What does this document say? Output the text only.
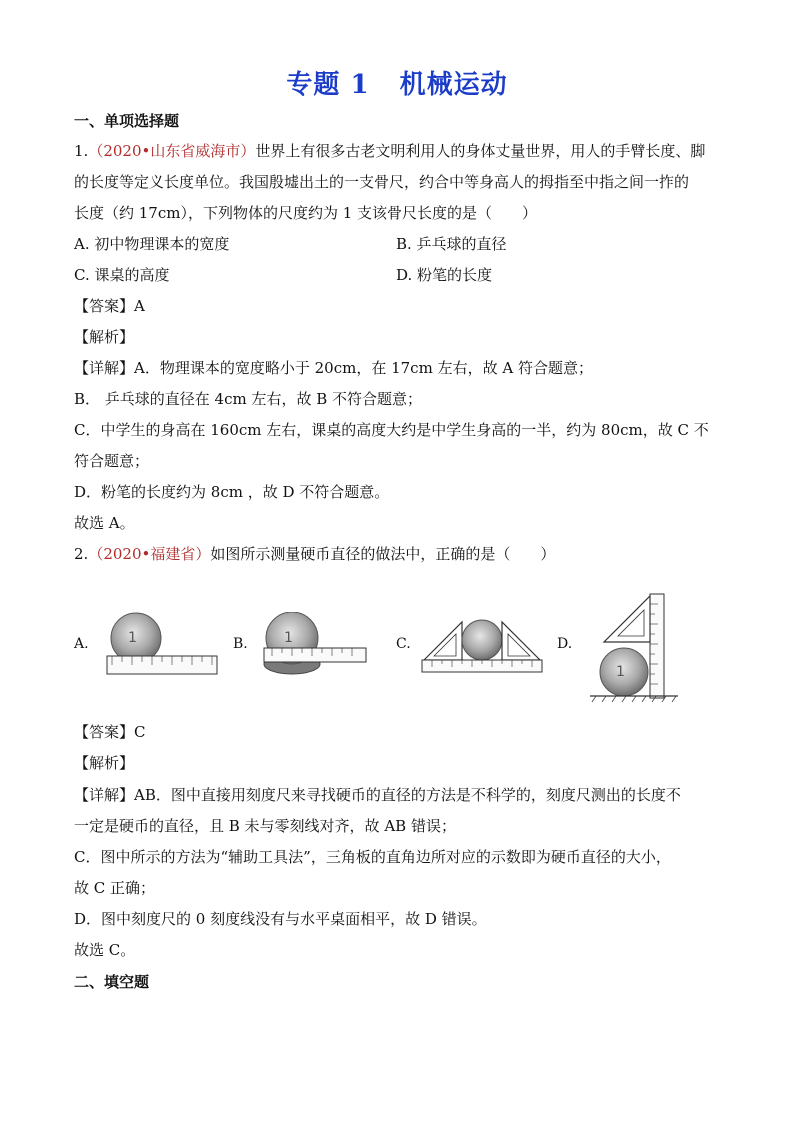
专题 1 机械运动
一、单项选择题
1.（2020•山东省威海市）世界上有很多古老文明利用人的身体丈量世界，用人的手臂长度、脚
的长度等定义长度单位。我国殷墟出土的一支骨尺，约合中等身高人的拇指至中指之间一拃的
长度（约 17cm），下列物体的尺度约为 1 支该骨尺长度的是（　　）
A. 初中物理课本的宽度	B. 乒乓球的直径
C. 课桌的高度	D. 粉笔的长度
【答案】A
【解析】
【详解】A．物理课本的宽度略小于 20cm，在 17cm 左右，故 A 符合题意；
B． 乒乓球的直径在 4cm 左右，故 B 不符合题意；
C．中学生的身高在 160cm 左右，课桌的高度大约是中学生身高的一半，约为 80cm，故 C 不
符合题意；
D．粉笔的长度约为 8cm ，故 D 不符合题意。
故选 A。
2.（2020•福建省）如图所示测量硬币直径的做法中，正确的是（　　）
A.	B.	C.	D.
1	1
1
【答案】C
【解析】
【详解】AB．图中直接用刻度尺来寻找硬币的直径的方法是不科学的，刻度尺测出的长度不
一定是硬币的直径，且 B 未与零刻线对齐，故 AB 错误；
C．图中所示的方法为“辅助工具法”，三角板的直角边所对应的示数即为硬币直径的大小，
故 C 正确；
D．图中刻度尺的 0 刻度线没有与水平桌面相平，故 D 错误。
故选 C。
二、填空题
